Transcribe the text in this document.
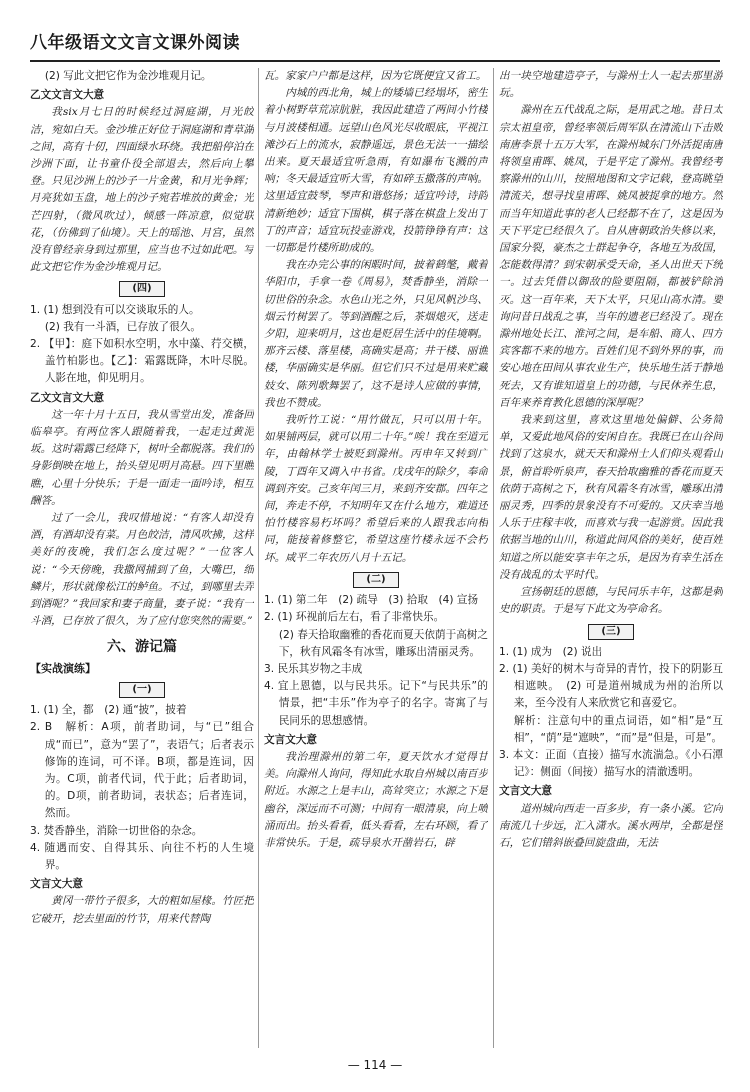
八年级语文文言文课外阅读

(2) 写此文把它作为金沙堆观月记。

乙文文言文大意

我six月七日的时候经过洞庭湖，月光皎洁，宛如白天。金沙堆正好位于洞庭湖和青草湖之间，高有十仞，四面绿水环绕。我把船停泊在沙洲下面，让书童仆役全部退去，然后向上攀登。只见沙洲上的沙子一片金黄，和月光争辉；月亮犹如玉盘，地上的沙子宛若堆放的黄金；光芒四射，（微风吹过），倾感一阵凉意，似觉联花，（仿佛到了仙境）。天上的瑶池、月宫，虽然没有曾经亲身到过那里，应当也不过如此吧。写此文把它作为金沙堆观月记。

(四)

1. (1) 想到没有可以交谈取乐的人。

(2) 我有一斗酒，已存放了很久。

2. 【甲】：庭下如积水空明，水中藻、荇交横，盖竹柏影也。【乙】：霜露既降，木叶尽脱。人影在地，仰见明月。

乙文文言文大意

这一年十月十五日，我从雪堂出发，准备回临皋亭。有两位客人跟随着我，一起走过黄泥坂。这时霜露已经降下，树叶全都脱落。我们的身影倒映在地上，抬头望见明月高悬。四下里瞧瞧，心里十分快乐；于是一面走一面吟诗，相互酬答。

过了一会儿，我叹惜地说：“有客人却没有酒，有酒却没有菜。月色皎洁，清风吹拂，这样美好的夜晚，我们怎么度过呢？”一位客人说：“今天傍晚，我撒网捕到了鱼，大嘴巴，细鳞片，形状就像松江的鲈鱼。不过，到哪里去弄到酒呢？”我回家和妻子商量，妻子说：“我有一斗酒，已存放了很久，为了应付您突然的需要。”

六、游记篇
【实战演练】
(一)

1. (1) 全，都　(2) 通“披”，披着

2. B　解析：A项，前者助词，与“已”组合成“而已”，意为“罢了”，表语气；后者表示修饰的连词，可不译。B项，都是连词，因为。C项，前者代词，代于此；后者助词，的。D项，前者助词，表状态；后者连词，然而。

3. 焚香静坐，消除一切世俗的杂念。

4. 随遇而安、自得其乐、向往不朽的人生境界。

文言文大意

黄冈一带竹子很多，大的粗如屋椽。竹匠把它破开，挖去里面的竹节，用来代替陶

瓦。家家户户都是这样，因为它既便宜又省工。

内城的西北角，城上的矮墙已经塌坏，密生着小树野草荒凉肮脏，我因此建造了两间小竹楼与月波楼相通。远望山色风光尽收眼底，平视江滩沙石上的流水，寂静遥远，景色无法一一描绘出来。夏天最适宜听急雨，有如瀑布飞溅的声响；冬天最适宜听大雪，有如碎玉撒落的声响。这里适宜鼓琴，琴声和谐悠扬；适宜吟诗，诗韵清新绝妙；适宜下围棋，棋子落在棋盘上发出丁丁的声音；适宜玩投壶游戏，投箭铮铮有声：这一切都是竹楼所助成的。

我在办完公事的闲暇时间，披着鹤氅，戴着华阳巾，手拿一卷《周易》，焚香静坐，消除一切世俗的杂念。水色山光之外，只见风帆沙鸟、烟云竹树罢了。等到酒醒之后，茶烟熄灭，送走夕阳，迎来明月，这也是贬居生活中的佳境啊。那齐云楼、落星楼，高确实是高；井干楼、丽谯楼，华丽确实是华丽。但它们只不过是用来贮藏妓女、陈列歌舞罢了，这不是诗人应做的事情，我也不赞成。

我听竹工说：“用竹做瓦，只可以用十年。如果铺两层，就可以用二十年。”唉！我在至道元年，由翰林学士被贬到滁州。丙申年又转到广陵，丁酉年又调入中书省。戊戌年的除夕，奉命调到齐安。己亥年闰三月，来到齐安郡。四年之间，奔走不停，不知明年又在什么地方，难道还怕竹楼容易朽坏吗？希望后来的人跟我志向相同，能接着修整它，希望这座竹楼永远不会朽坏。咸平二年农历八月十五记。

(二)

1. (1) 第二年　(2) 疏导　(3) 拾取　(4) 宣扬

2. (1) 环视前后左右，看了非常快乐。

(2) 春天拾取幽雅的香花而夏天依荫于高树之下，秋有风霜冬有冰雪，雕琢出清丽灵秀。

3. 民乐其岁物之丰成

4. 宜上恩德，以与民共乐。记下“与民共乐”的情景，把“丰乐”作为亭子的名字。寄寓了与民同乐的思想感情。

文言文大意

我治理滁州的第二年，夏天饮水才觉得甘美。向滁州人询问，得知此水取自州城以南百步附近。水源之上是丰山，高耸突立；水源之下是幽谷，深远而不可测；中间有一眼清泉，向上喷涌而出。抬头看看，低头看看，左右环顾，看了非常快乐。于是，疏导泉水开凿岩石，辟

出一块空地建造亭子，与滁州士人一起去那里游玩。

滁州在五代战乱之际，是用武之地。昔日太宗太祖皇帝，曾经率领后周军队在清流山下击败南唐李景十五万大军，在滁州城东门外活捉南唐将领皇甫晖、姚凤，于是平定了滁州。我曾经考察滁州的山川，按照地图和文字记载，登高眺望清流关，想寻找皇甫晖、姚凤被捉拿的地方。然而当年知道此事的老人已经都不在了，这是因为天下平定已经很久了。自从唐朝政治失修以来，国家分裂，豪杰之士群起争夺，各地互为敌国，怎能数得清？到宋朝承受天命，圣人出世天下统一。过去凭借以御敌的险要阻隔，都被铲除消灭。这一百年来，天下太平，只见山高水清。要询问昔日战乱之事，当年的遗老已经没了。现在滁州地处长江、淮河之间，是车船、商人、四方宾客都不来的地方。百姓们见不到外界的事，而安心地在田间从事农业生产，快乐地生活于静地死去，又有谁知道皇上的功德，与民休养生息，百年来养育教化恩德的深厚呢？

我来到这里，喜欢这里地处偏僻、公务简单，又爱此地风俗的安闲自在。我既已在山谷间找到了这泉水，就天天和滁州士人们仰头观看山景，俯首聆听泉声，春天拾取幽雅的香花而夏天依荫于高树之下，秋有风霜冬有冰雪，雕琢出清丽灵秀，四季的景象没有不可爱的。又庆幸当地人乐于庄稼丰收，而喜欢与我一起游赏。因此我依据当地的山川，称道此间风俗的美好，使百姓知道之所以能安享丰年之乐，是因为有幸生活在没有战乱的太平时代。

宣扬朝廷的恩德，与民同乐丰年，这都是刺史的职责。于是写下此文为亭命名。

(三)

1. (1) 成为　(2) 说出

2. (1) 美好的树木与奇异的青竹，投下的阴影互相遮映。　(2) 可是道州城成为州的治所以来，至今没有人来欣赏它和喜爱它。

解析：注意句中的重点词语，如“相”是“互相”，“荫”是“遮映”，“而”是“但是，可是”。

3. 本文：正面（直接）描写水流湍急。《小石潭记》：侧面（间接）描写水的清澈透明。

文言文大意

道州城向西走一百多步，有一条小溪。它向南流几十步远，汇入潇水。溪水两岸，全都是怪石，它们错斜嵌叠回旋盘曲，无法

— 114 —
